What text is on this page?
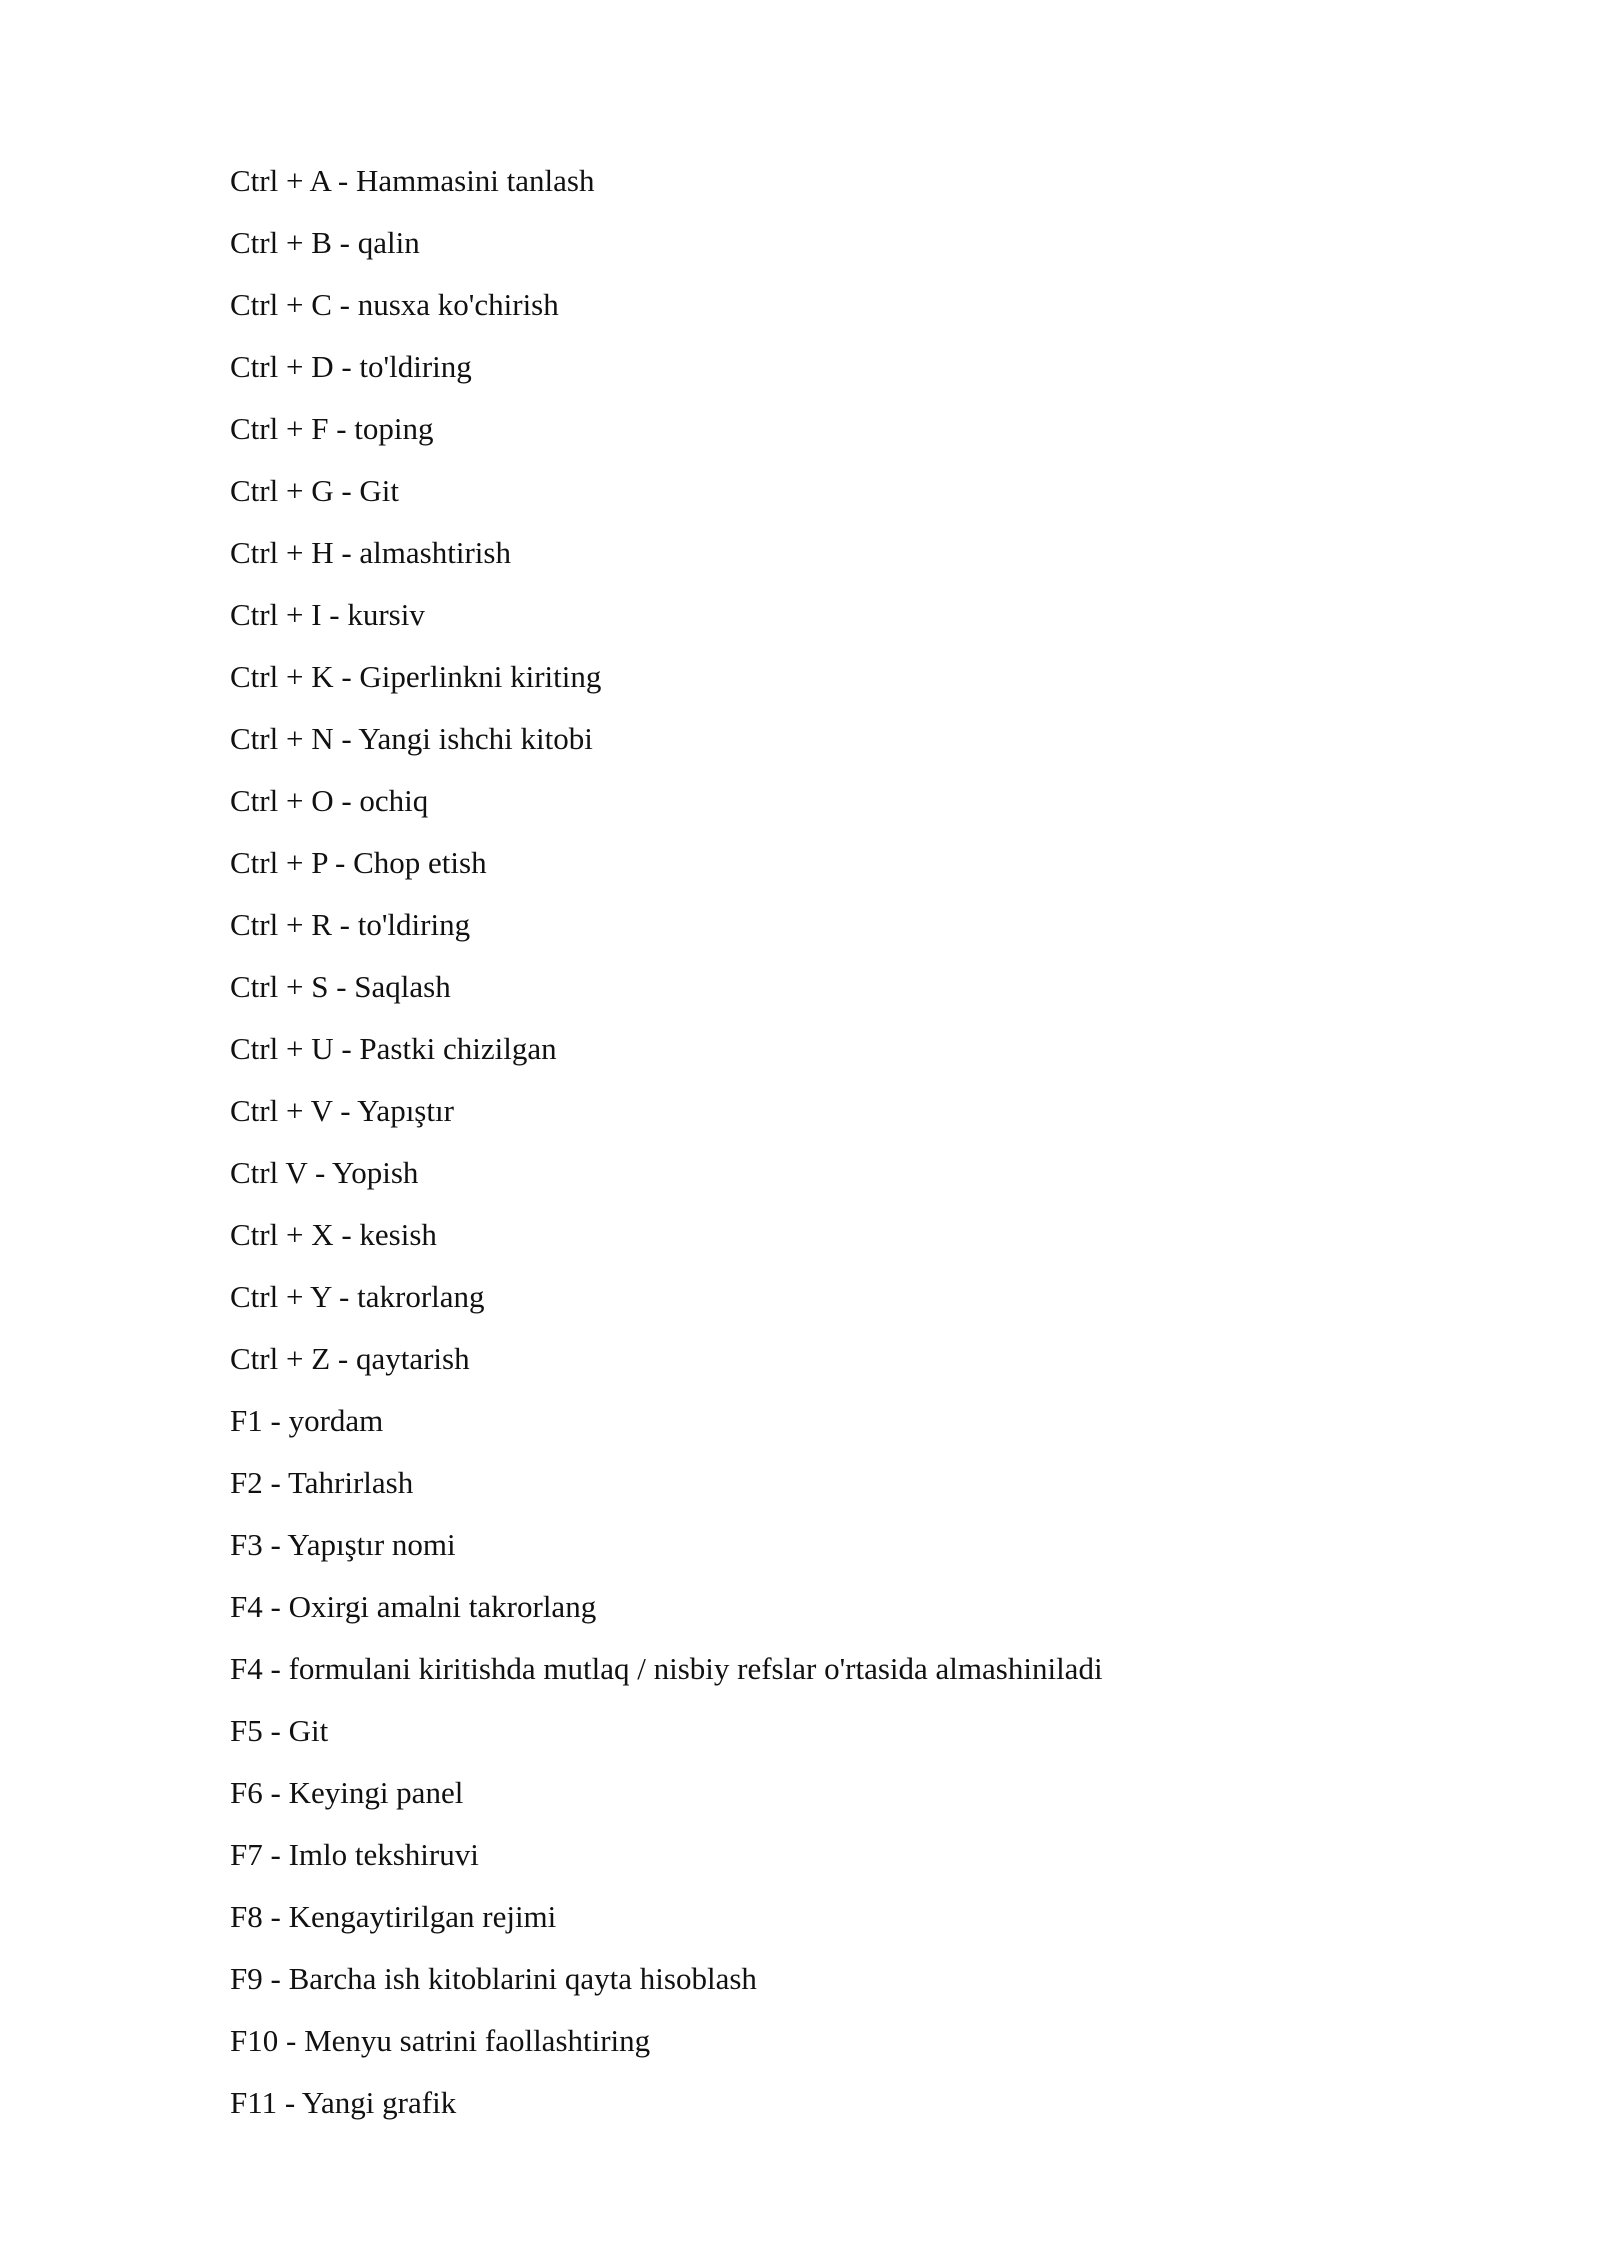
Ctrl + A - Hammasini tanlash
Ctrl + B - qalin
Ctrl + C - nusxa ko'chirish
Ctrl + D - to'ldiring
Ctrl + F - toping
Ctrl + G - Git
Ctrl + H - almashtirish
Ctrl + I - kursiv
Ctrl + K - Giperlinkni kiriting
Ctrl + N - Yangi ishchi kitobi
Ctrl + O - ochiq
Ctrl + P - Chop etish
Ctrl + R - to'ldiring
Ctrl + S - Saqlash
Ctrl + U - Pastki chizilgan
Ctrl + V - Yapıştır
Ctrl V - Yopish
Ctrl + X - kesish
Ctrl + Y - takrorlang
Ctrl + Z - qaytarish
F1 - yordam
F2 - Tahrirlash
F3 - Yapıştır nomi
F4 - Oxirgi amalni takrorlang
F4 - formulani kiritishda mutlaq / nisbiy refslar o'rtasida almashiniladi
F5 - Git
F6 - Keyingi panel
F7 - Imlo tekshiruvi
F8 - Kengaytirilgan rejimi
F9 - Barcha ish kitoblarini qayta hisoblash
F10 - Menyu satrini faollashtiring
F11 - Yangi grafik
